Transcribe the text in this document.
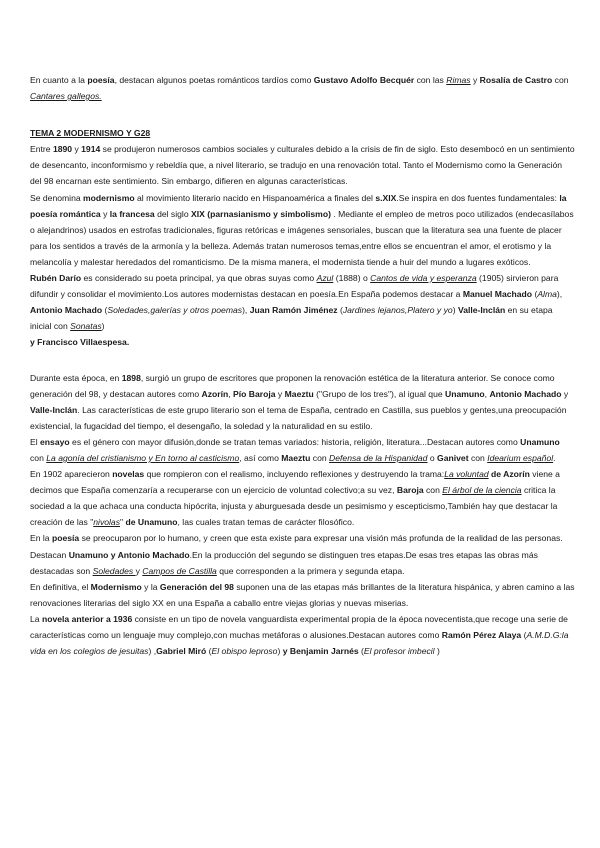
En cuanto a la poesía, destacan algunos poetas románticos tardíos como Gustavo Adolfo Becquér con las Rimas y Rosalía de Castro con Cantares gallegos.

TEMA 2 MODERNISMO Y G28

Entre 1890 y 1914 se produjeron numerosos cambios sociales y culturales debido a la crisis de fin de siglo. Esto desembocó en un sentimiento de desencanto, inconformismo y rebeldía que, a nivel literario, se tradujo en una renovación total. Tanto el Modernismo como la Generación del 98 encarnan este sentimiento. Sin embargo, difieren en algunas características.

Se denomina modernismo al movimiento literario nacido en Hispanoamérica a finales del s.XIX.Se inspira en dos fuentes fundamentales: la poesía romántica y la francesa del siglo XIX (parnasianismo y simbolismo) . Mediante el empleo de metros poco utilizados (endecasílabos o alejandrinos) usados en estrofas tradicionales, figuras retóricas e imágenes sensoriales, buscan que la literatura sea una fuente de placer para los sentidos a través de la armonía y la belleza. Además tratan numerosos temas,entre ellos se encuentran el amor, el erotismo y la melancolía y malestar heredados del romanticismo. De la misma manera, el modernista tiende a huir del mundo a lugares exóticos.

Rubén Darío es considerado su poeta principal, ya que obras suyas como Azul (1888) o Cantos de vida y esperanza (1905) sirvieron para difundir y consolidar el movimiento.Los autores modernistas destacan en poesía.En España podemos destacar a Manuel Machado (Alma), Antonio Machado (Soledades,galerías y otros poemas), Juan Ramón Jiménez (Jardines lejanos,Platero y yo) Valle-Inclán en su etapa inicial con Sonatas)

y Francisco Villaespesa.

Durante esta época, en 1898, surgió un grupo de escritores que proponen la renovación estética de la literatura anterior. Se conoce como generación del 98, y destacan autores como Azorín, Pío Baroja y Maeztu ("Grupo de los tres"), al igual que Unamuno, Antonio Machado y Valle-Inclán. Las características de este grupo literario son el tema de España, centrado en Castilla, sus pueblos y gentes,una preocupación existencial, la fugacidad del tiempo, el desengaño, la soledad y la naturalidad en su estilo.

El ensayo es el género con mayor difusión,donde se tratan temas variados: historia, religión, literatura...Destacan autores como Unamuno con La agonía del cristianismo y En torno al casticismo, así como Maeztu con Defensa de la Hispanidad o Ganivet con Idearium español.

En 1902 aparecieron novelas que rompieron con el realismo, incluyendo reflexiones y destruyendo la trama:La voluntad de Azorín viene a decimos que España comenzaría a recuperarse con un ejercicio de voluntad colectivo;a su vez, Baroja con El árbol de la ciencia critica la sociedad a la que achaca una conducta hipócrita, injusta y aburguesada desde un pesimismo y escepticismo,También hay que destacar la creación de las "nivolas" de Unamuno, las cuales tratan temas de carácter filosófico.

En la poesía se preocuparon por lo humano, y creen que esta existe para expresar una visión más profunda de la realidad de las personas. Destacan Unamuno y Antonio Machado.En la producción del segundo se distinguen tres etapas.De esas tres etapas las obras más destacadas son Soledades y Campos de Castilla que corresponden a la primera y segunda etapa.

En definitiva, el Modernismo y la Generación del 98 suponen una de las etapas más brillantes de la literatura hispánica, y abren camino a las renovaciones literarias del siglo XX en una España a caballo entre viejas glorias y nuevas miserias.

La novela anterior a 1936 consiste en un tipo de novela vanguardista experimental propia de la época novecentista,que recoge una serie de características como un lenguaje muy complejo,con muchas metáforas o alusiones.Destacan autores como Ramón Pérez Alaya (A.M.D.G:la vida en los colegios de jesuitas) ,Gabriel Miró (El obispo leproso) y Benjamin Jarnés (El profesor imbecil )
